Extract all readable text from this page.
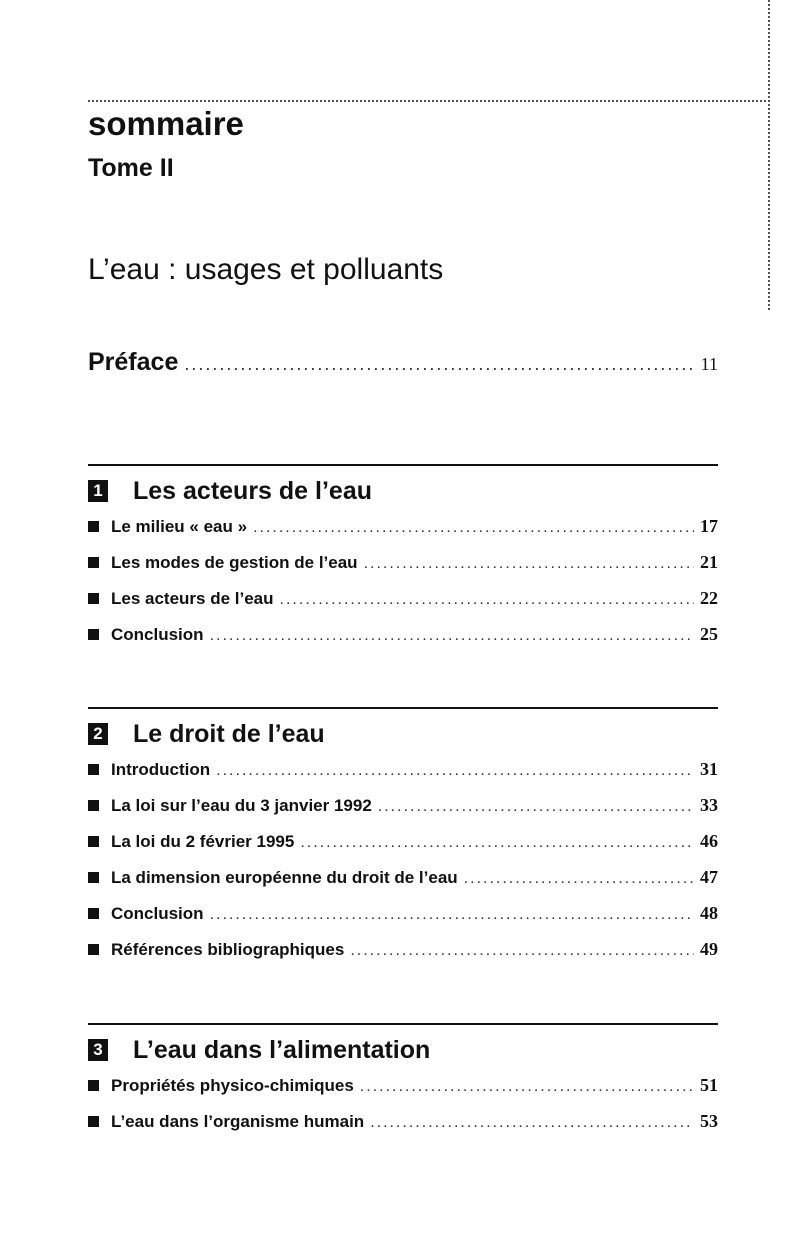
sommaire
Tome II
L’eau : usages et polluants
Préface .....	11
1 Les acteurs de l’eau
Le milieu « eau » .....	17
Les modes de gestion de l’eau .....	21
Les acteurs de l’eau .....	22
Conclusion .....	25
2 Le droit de l’eau
Introduction .....	31
La loi sur l’eau du 3 janvier 1992 .....	33
La loi du 2 février 1995 .....	46
La dimension européenne du droit de l’eau .....	47
Conclusion .....	48
Références bibliographiques .....	49
3 L’eau dans l’alimentation
Propriétés physico-chimiques .....	51
L’eau dans l’organisme humain .....	53
